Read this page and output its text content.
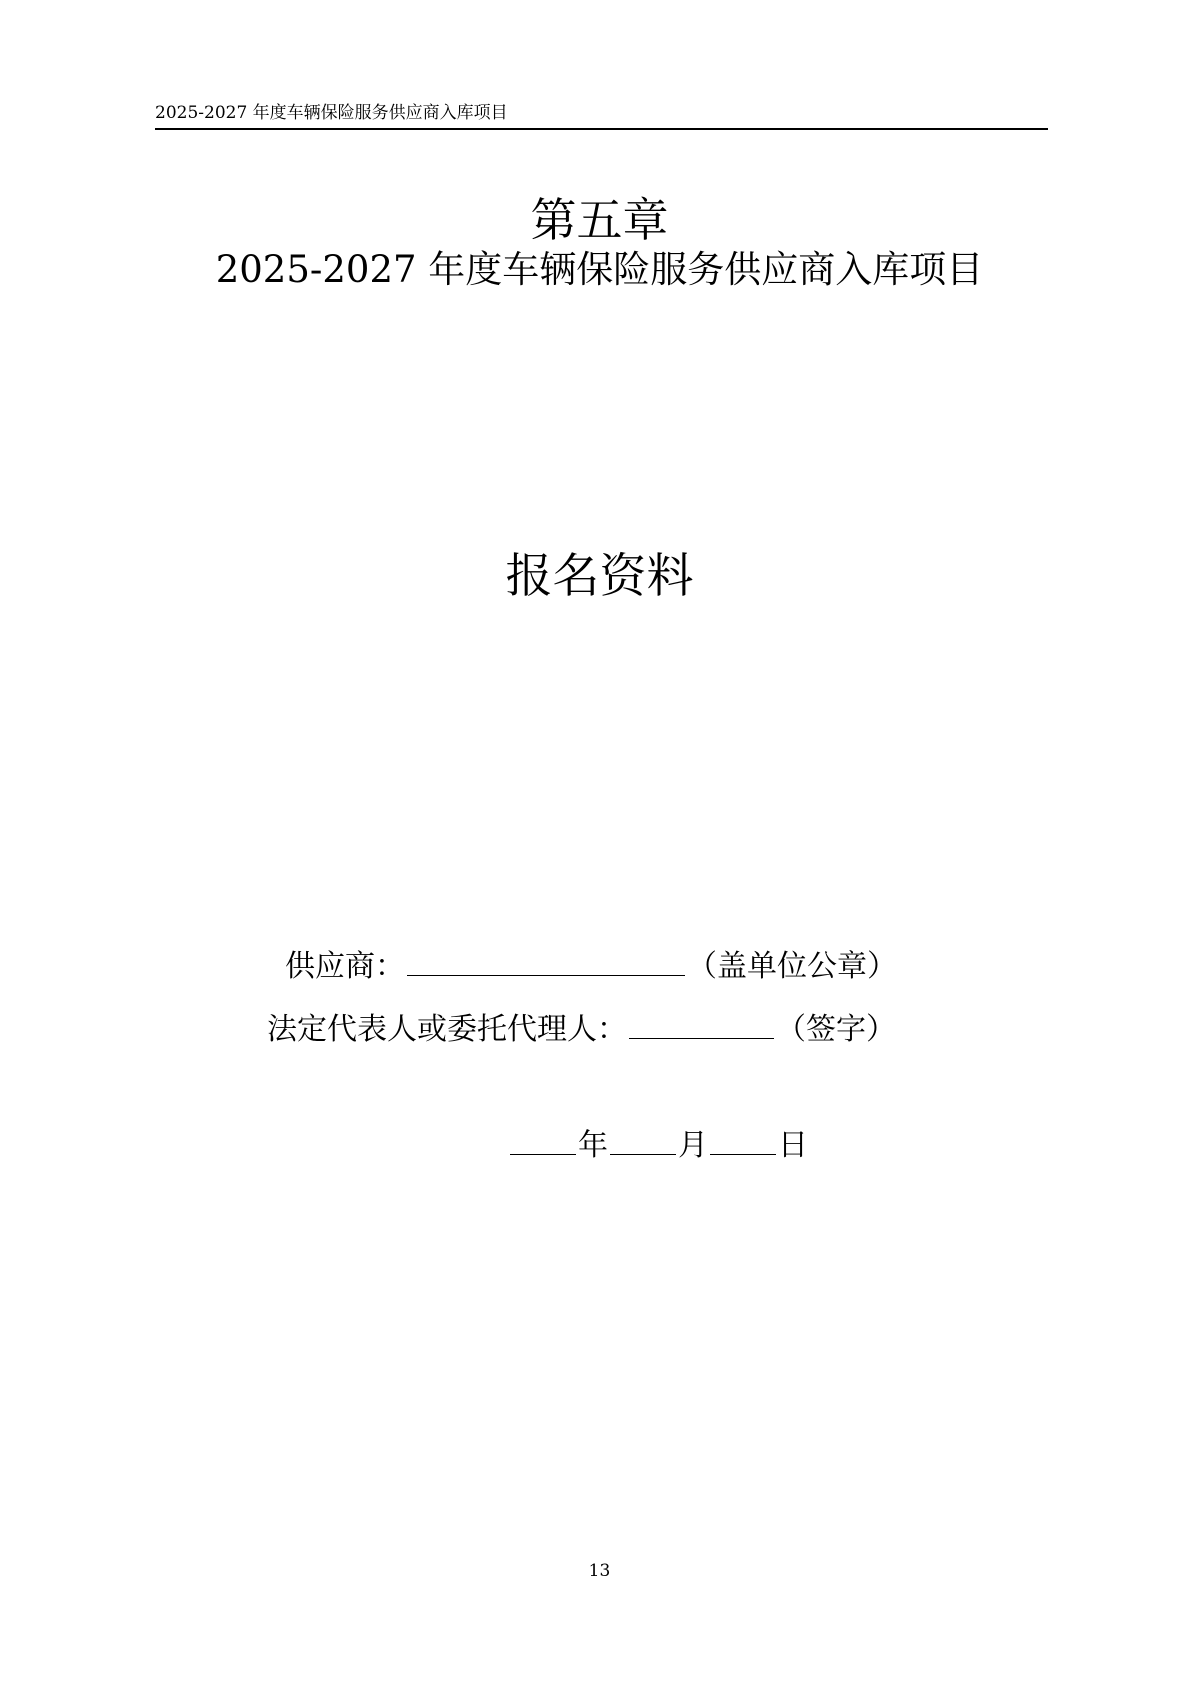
2025-2027 年度车辆保险服务供应商入库项目
第五章
2025-2027 年度车辆保险服务供应商入库项目
报名资料
供应商：	（盖单位公章）
法定代表人或委托代理人：	（签字）
年 月 日
13
